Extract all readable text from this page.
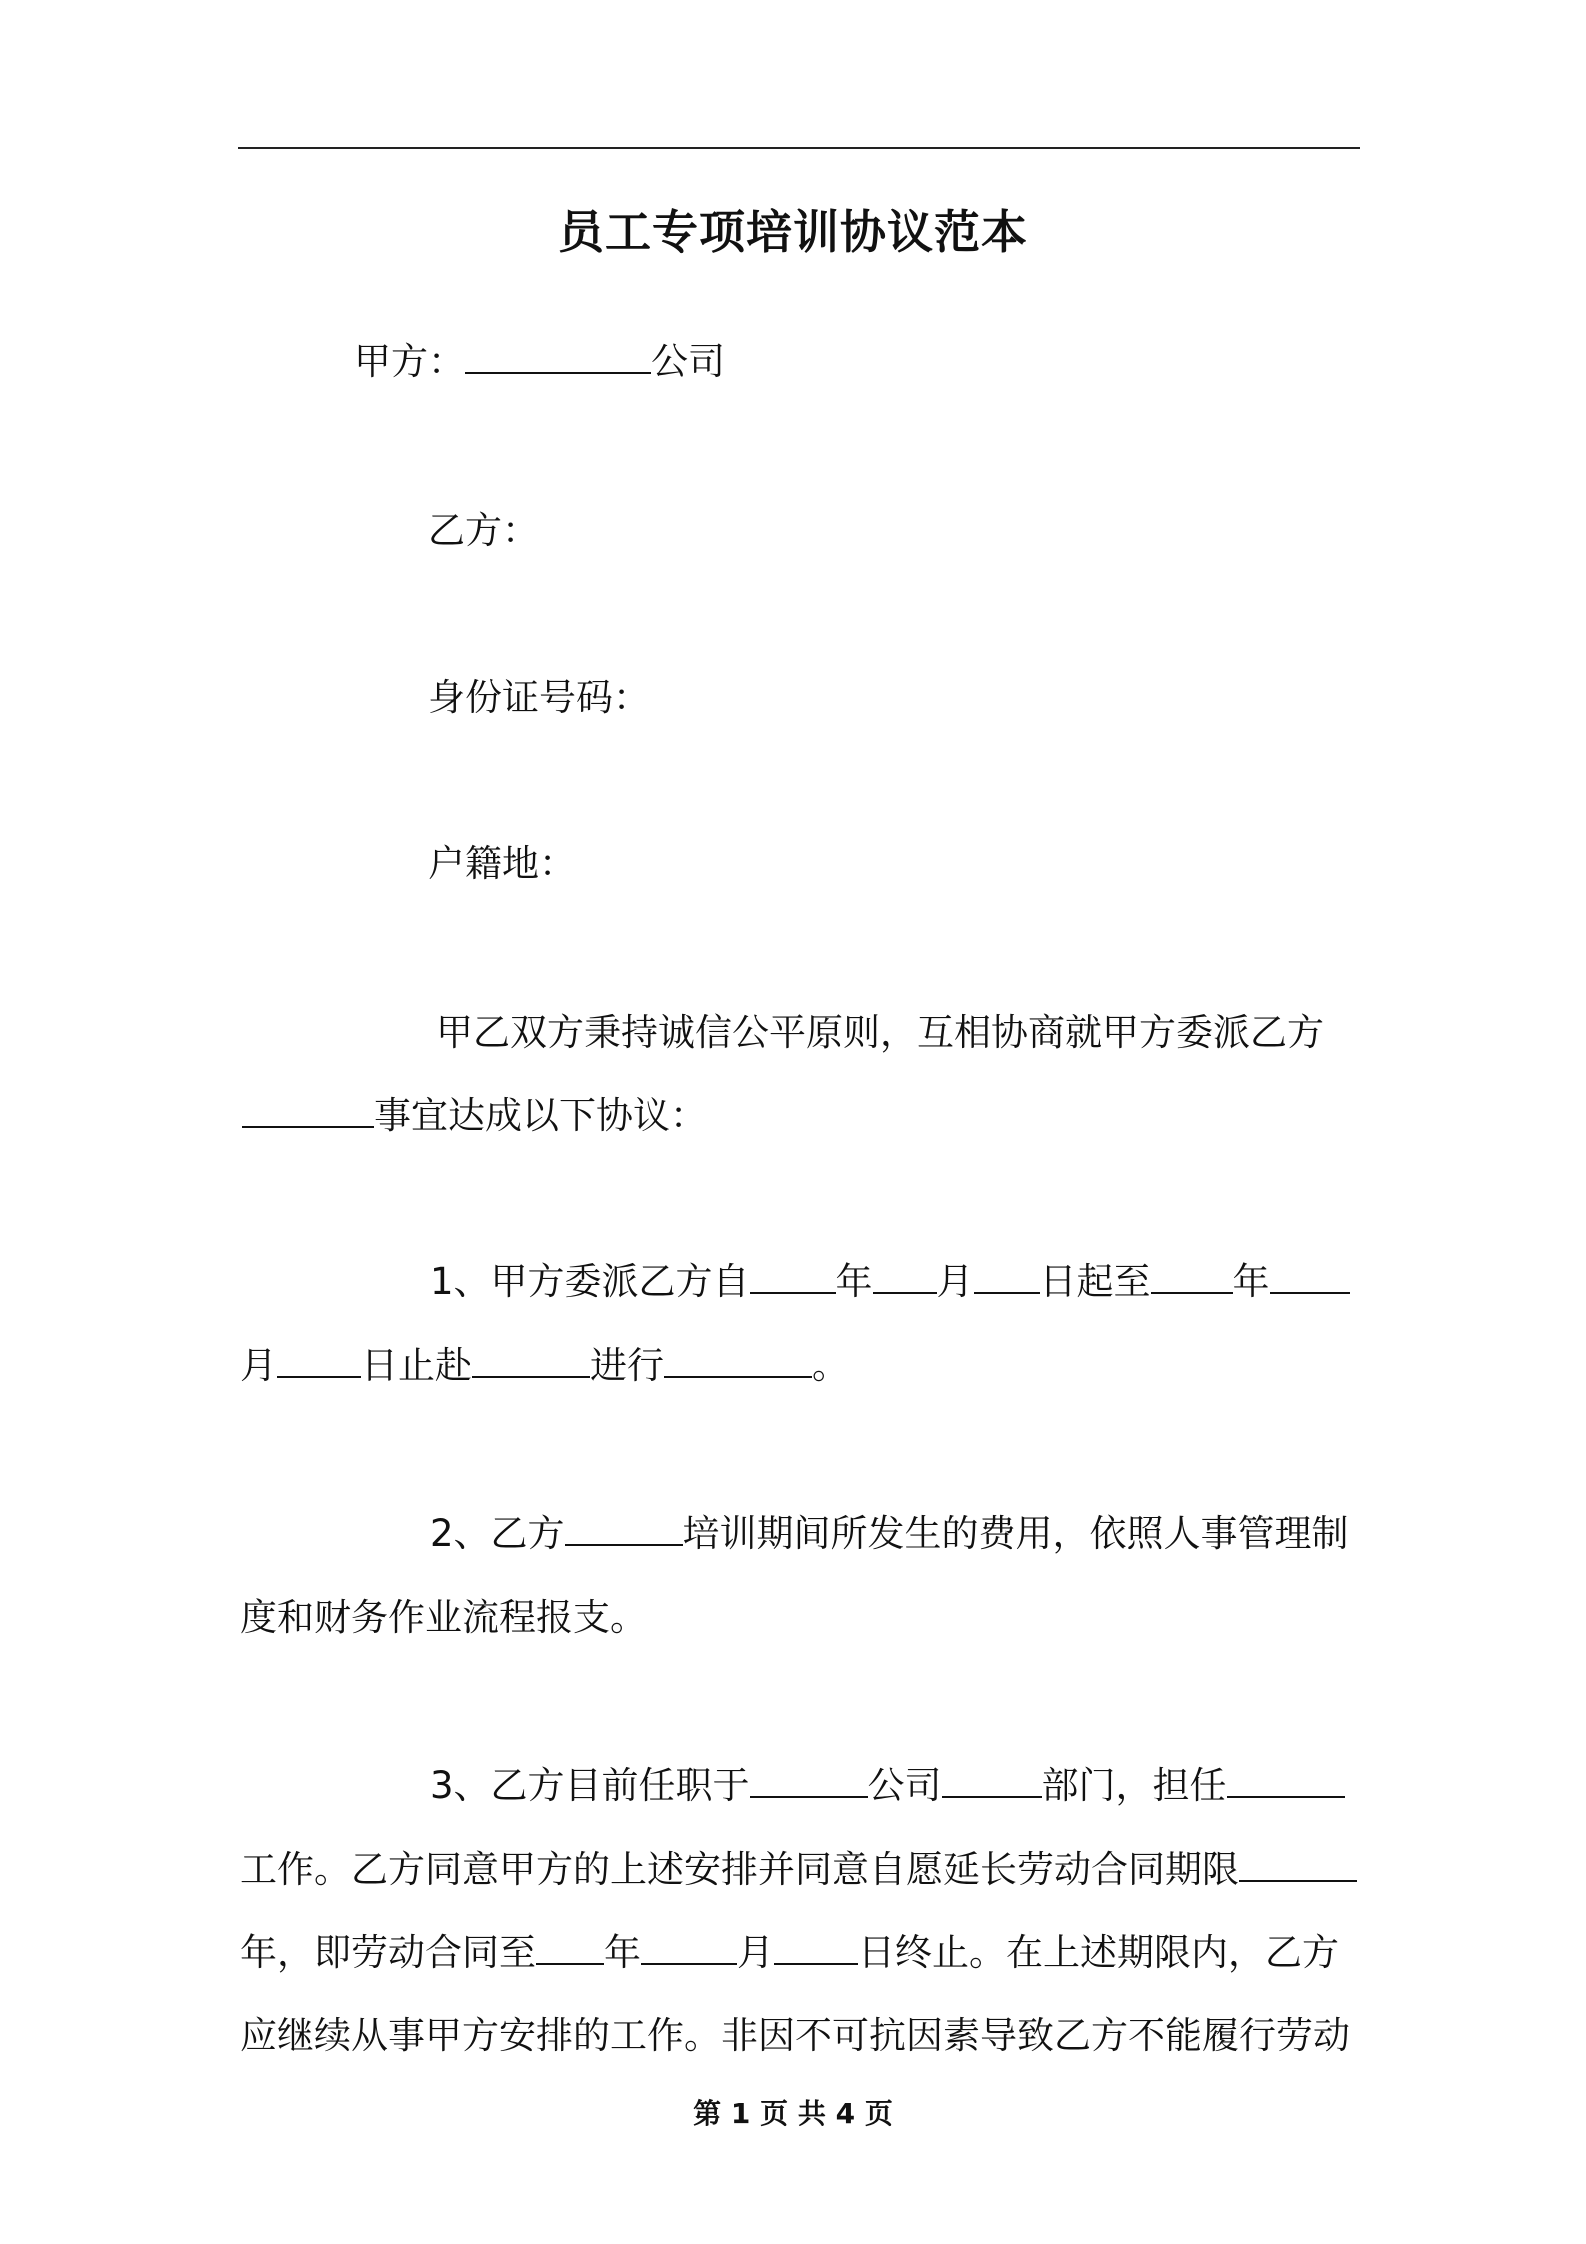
员工专项培训协议范本
甲方：	公司
乙方：
身份证号码：
户籍地：
甲乙双方秉持诚信公平原则，互相协商就甲方委派乙方
事宜达成以下协议：
1、甲方委派乙方自 年 月 日起至 年
月 日止赴	进行	。
2、乙方	培训期间所发生的费用，依照人事管理制
度和财务作业流程报支。
3、乙方目前任职于	公司	部门，担任
工作。乙方同意甲方的上述安排并同意自愿延长劳动合同期限
年，即劳动合同至 年	月 日终止。在上述期限内，乙方
应继续从事甲方安排的工作。非因不可抗因素导致乙方不能履行劳动
第 1 页 共 4 页
